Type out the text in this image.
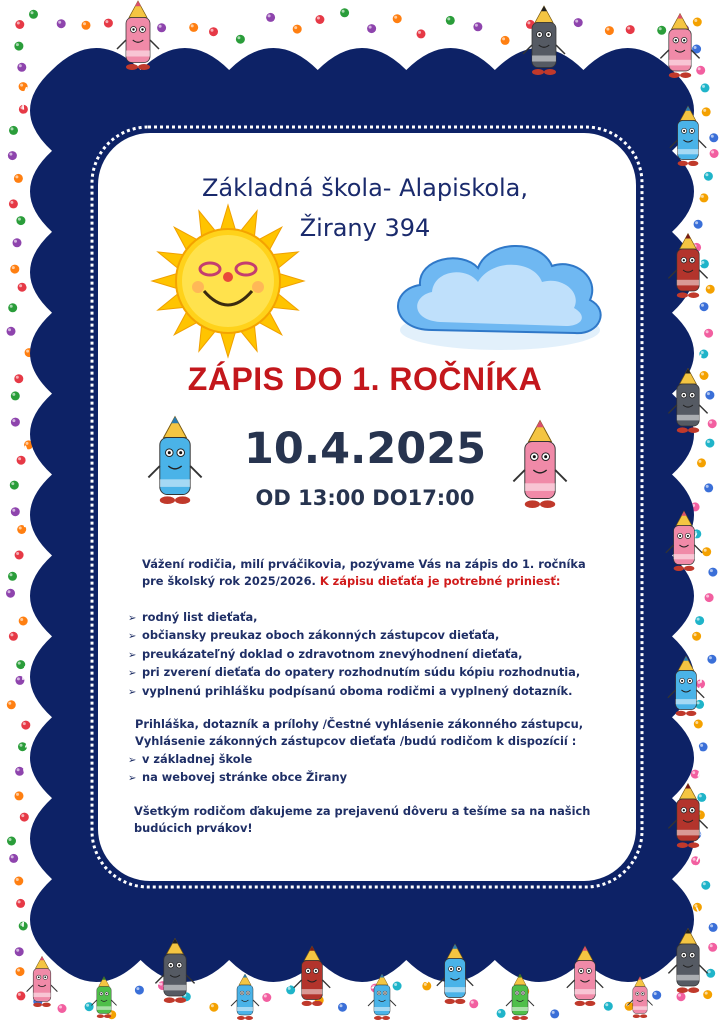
Základná škola- Alapiskola,

Žirany 394

ZÁPIS DO 1. ROČNÍKA

10.4.2025

OD 13:00 DO17:00

Vážení rodičia, milí prváčikovia, pozývame Vás na zápis do 1. ročníka
pre školský rok 2025/2026. K zápisu dieťaťa je potrebné priniesť:

➢ rodný list dieťaťa,
➢ občiansky preukaz oboch zákonných zástupcov dieťaťa,
➢ preukázateľný doklad o zdravotnom znevýhodnení dieťaťa,
➢ pri zverení dieťaťa do opatery rozhodnutím súdu kópiu rozhodnutia,
➢ vyplnenú prihlášku podpísanú oboma rodičmi a vyplnený dotazník.

Prihláška, dotazník a prílohy /Čestné vyhlásenie zákonného zástupcu,
Vyhlásenie zákonných zástupcov dieťaťa /budú rodičom k dispozícií :

➢ v základnej škole
➢ na webovej stránke obce Žirany

Všetkým rodičom ďakujeme za prejavenú dôveru a tešíme sa na našich
budúcich prvákov!
